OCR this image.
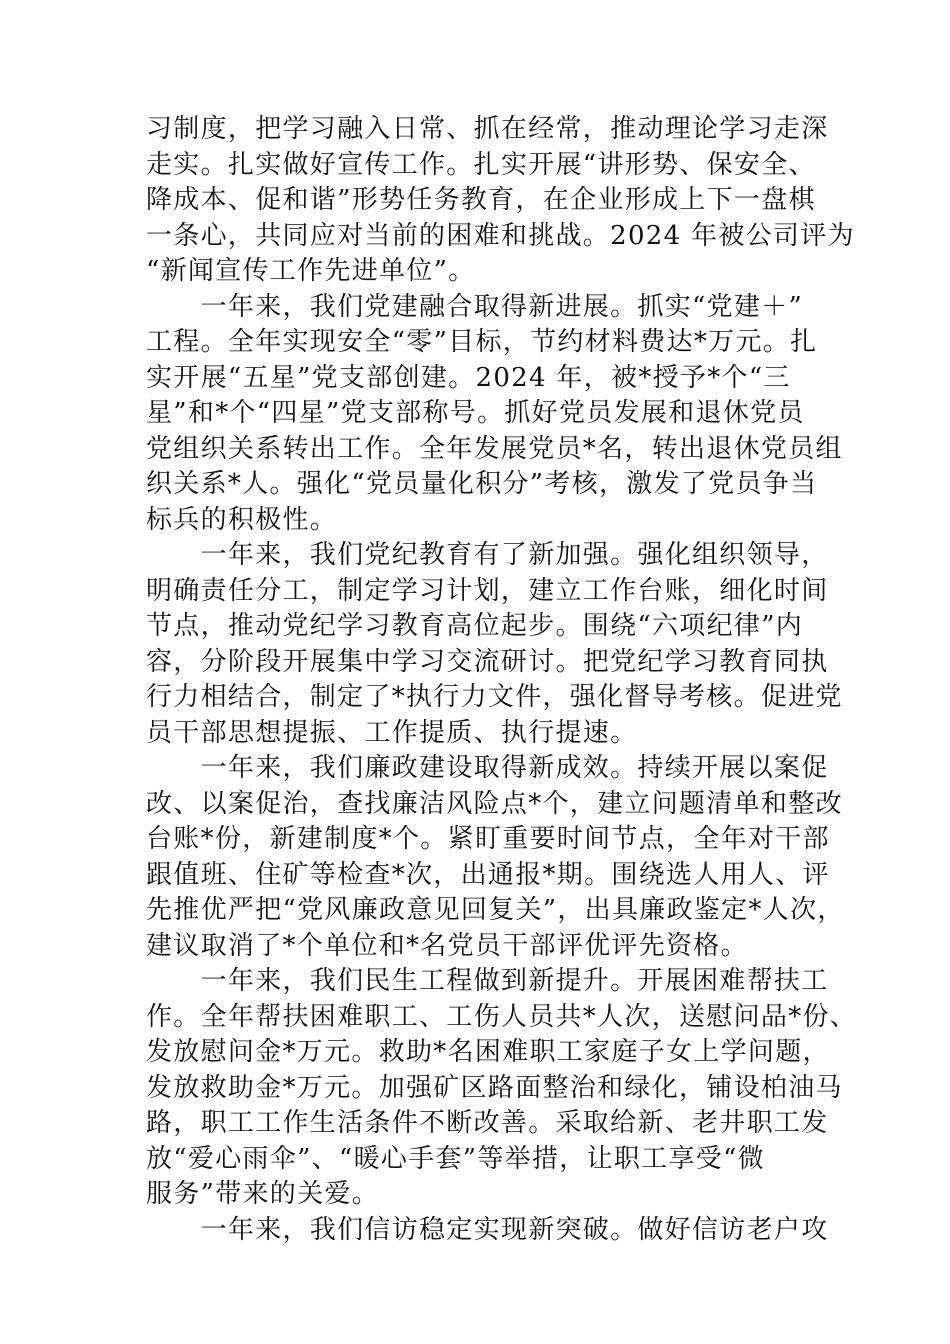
习制度，把学习融入日常、抓在经常，推动理论学习走深
走实。扎实做好宣传工作。扎实开展“讲形势、保安全、
降成本、促和谐”形势任务教育，在企业形成上下一盘棋
一条心，共同应对当前的困难和挑战。2024 年被公司评为
“新闻宣传工作先进单位”。
　　一年来，我们党建融合取得新进展。抓实“党建＋”
工程。全年实现安全“零”目标，节约材料费达*万元。扎
实开展“五星”党支部创建。2024 年，被*授予*个“三
星”和*个“四星”党支部称号。抓好党员发展和退休党员
党组织关系转出工作。全年发展党员*名，转出退休党员组
织关系*人。强化“党员量化积分”考核，激发了党员争当
标兵的积极性。
　　一年来，我们党纪教育有了新加强。强化组织领导，
明确责任分工，制定学习计划，建立工作台账，细化时间
节点，推动党纪学习教育高位起步。围绕“六项纪律”内
容，分阶段开展集中学习交流研讨。把党纪学习教育同执
行力相结合，制定了*执行力文件，强化督导考核。促进党
员干部思想提振、工作提质、执行提速。
　　一年来，我们廉政建设取得新成效。持续开展以案促
改、以案促治，查找廉洁风险点*个，建立问题清单和整改
台账*份，新建制度*个。紧盯重要时间节点，全年对干部
跟值班、住矿等检查*次，出通报*期。围绕选人用人、评
先推优严把“党风廉政意见回复关”，出具廉政鉴定*人次，
建议取消了*个单位和*名党员干部评优评先资格。
　　一年来，我们民生工程做到新提升。开展困难帮扶工
作。全年帮扶困难职工、工伤人员共*人次，送慰问品*份、
发放慰问金*万元。救助*名困难职工家庭子女上学问题，
发放救助金*万元。加强矿区路面整治和绿化，铺设柏油马
路，职工工作生活条件不断改善。采取给新、老井职工发
放“爱心雨伞”、“暖心手套”等举措，让职工享受“微
服务”带来的关爱。
　　一年来，我们信访稳定实现新突破。做好信访老户攻
